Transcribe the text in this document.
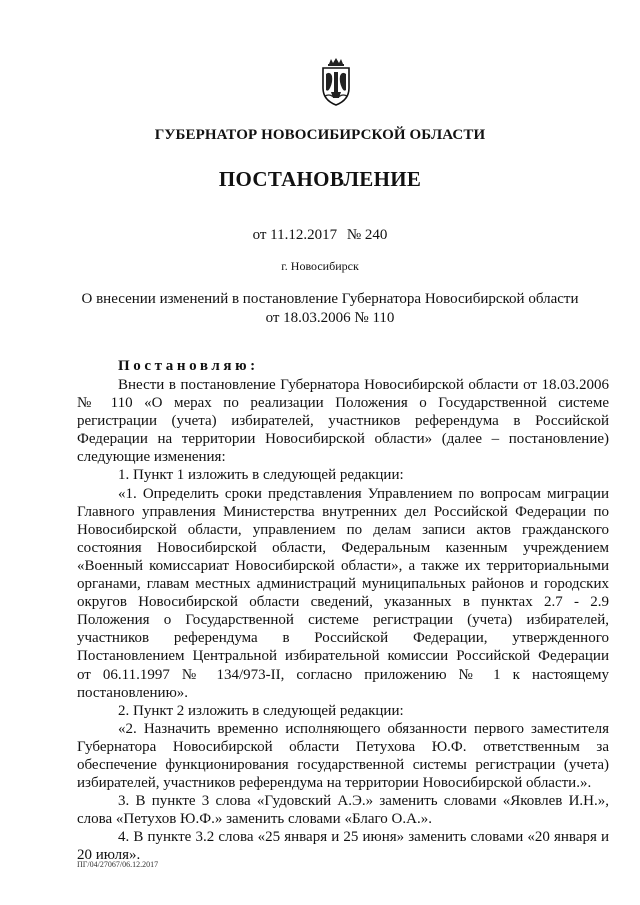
ГУБЕРНАТОР НОВОСИБИРСКОЙ ОБЛАСТИ
ПОСТАНОВЛЕНИЕ
от 11.12.2017 № 240
г. Новосибирск
О внесении изменений в постановление Губернатора Новосибирской области
от 18.03.2006 № 110
Постановляю:
Внести в постановление Губернатора Новосибирской области от 18.03.2006
№ 110 «О мерах по реализации Положения о Государственной системе
регистрации (учета) избирателей, участников референдума в Российской
Федерации на территории Новосибирской области» (далее – постановление)
следующие изменения:
1. Пункт 1 изложить в следующей редакции:
«1. Определить сроки представления Управлением по вопросам миграции
Главного управления Министерства внутренних дел Российской Федерации по
Новосибирской области, управлением по делам записи актов гражданского
состояния Новосибирской области, Федеральным казенным учреждением
«Военный комиссариат Новосибирской области», а также их территориальными
органами, главам местных администраций муниципальных районов и городских
округов Новосибирской области сведений, указанных в пунктах 2.7 - 2.9
Положения о Государственной системе регистрации (учета) избирателей,
участников референдума в Российской Федерации, утвержденного
Постановлением Центральной избирательной комиссии Российской Федерации
от 06.11.1997 № 134/973-II, согласно приложению № 1 к настоящему
постановлению».
2. Пункт 2 изложить в следующей редакции:
«2. Назначить временно исполняющего обязанности первого заместителя
Губернатора Новосибирской области Петухова Ю.Ф. ответственным за
обеспечение функционирования государственной системы регистрации (учета)
избирателей, участников референдума на территории Новосибирской области.».
3. В пункте 3 слова «Гудовский А.Э.» заменить словами «Яковлев И.Н.»,
слова «Петухов Ю.Ф.» заменить словами «Благо О.А.».
4. В пункте 3.2 слова «25 января и 25 июня» заменить словами «20 января и
20 июля».
ПГ/04/27067/06.12.2017
